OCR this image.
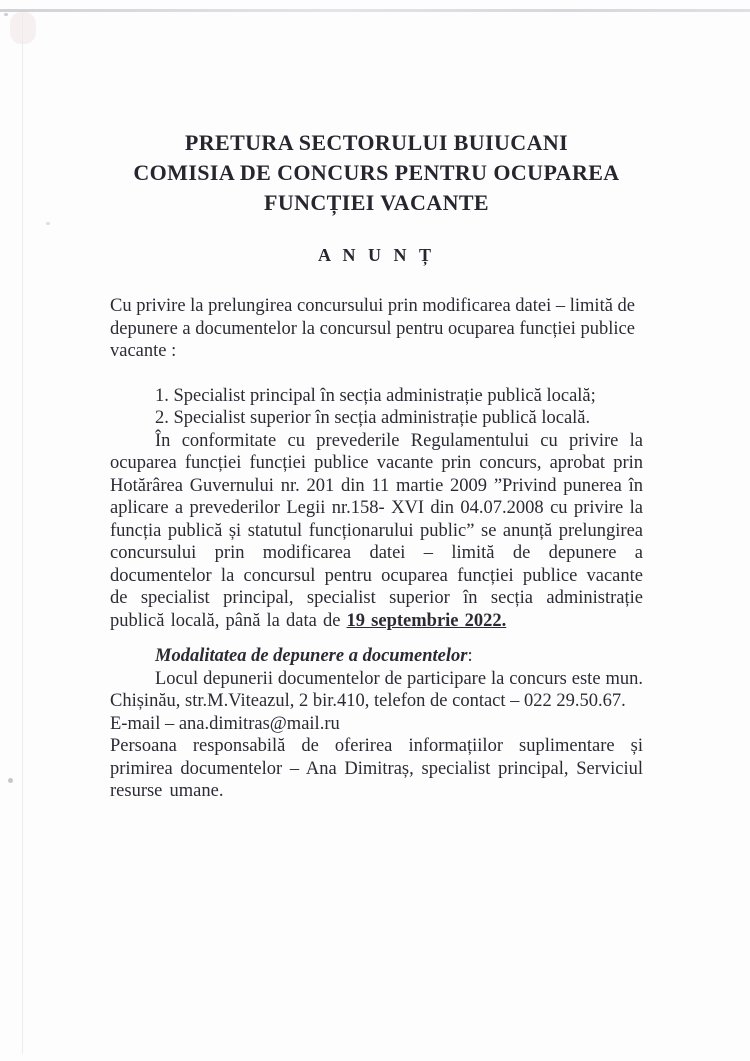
PRETURA SECTORULUI BUIUCANI
COMISIA DE CONCURS PENTRU OCUPAREA
FUNCȚIEI VACANTE
A N U N Ț

Cu privire la prelungirea concursului prin modificarea datei – limită de depunere a documentelor la concursul pentru ocuparea funcției publice vacante :

1. Specialist principal în secția administrație publică locală;
2. Specialist superior în secția administrație publică locală.

În conformitate cu prevederile Regulamentului cu privire la ocuparea funcției funcției publice vacante prin concurs, aprobat prin Hotărârea Guvernului nr. 201 din 11 martie 2009 ”Privind punerea în aplicare a prevederilor Legii nr.158- XVI din 04.07.2008 cu privire la funcția publică și statutul funcționarului public” se anunță prelungirea concursului prin modificarea datei – limită de depunere a documentelor la concursul pentru ocuparea funcției publice vacante de specialist principal, specialist superior în secția administrație publică locală, până la data de 19 septembrie 2022.

Modalitatea de depunere a documentelor:

Locul depunerii documentelor de participare la concurs este mun. Chișinău, str.M.Viteazul, 2 bir.410, telefon de contact – 022 29.50.67.

E-mail – ana.dimitras@mail.ru

Persoana responsabilă de oferirea informațiilor suplimentare și primirea documentelor – Ana Dimitraș, specialist principal, Serviciul resurse umane.
